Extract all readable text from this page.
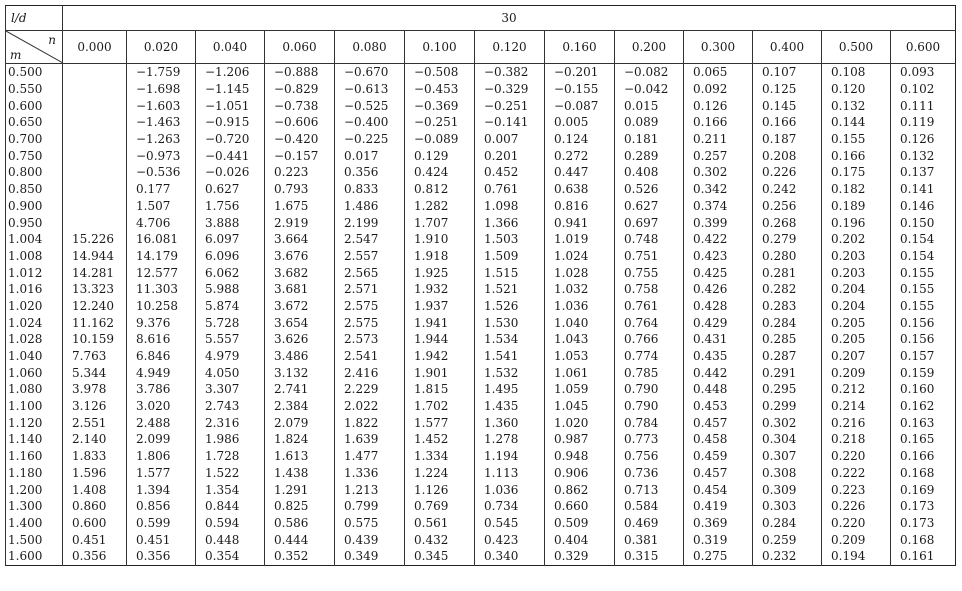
l/d	30												

n
m	0.000	0.020	0.040	0.060	0.080	0.100	0.120	0.160	0.200	0.300	0.400	0.500	0.600
0.500		−1.759	−1.206	−0.888	−0.670	−0.508	−0.382	−0.201	−0.082	0.065	0.107	0.108	0.093
0.550		−1.698	−1.145	−0.829	−0.613	−0.453	−0.329	−0.155	−0.042	0.092	0.125	0.120	0.102
0.600		−1.603	−1.051	−0.738	−0.525	−0.369	−0.251	−0.087	0.015	0.126	0.145	0.132	0.111
0.650		−1.463	−0.915	−0.606	−0.400	−0.251	−0.141	0.005	0.089	0.166	0.166	0.144	0.119
0.700		−1.263	−0.720	−0.420	−0.225	−0.089	0.007	0.124	0.181	0.211	0.187	0.155	0.126
0.750		−0.973	−0.441	−0.157	0.017	0.129	0.201	0.272	0.289	0.257	0.208	0.166	0.132
0.800		−0.536	−0.026	0.223	0.356	0.424	0.452	0.447	0.408	0.302	0.226	0.175	0.137
0.850		0.177	0.627	0.793	0.833	0.812	0.761	0.638	0.526	0.342	0.242	0.182	0.141
0.900		1.507	1.756	1.675	1.486	1.282	1.098	0.816	0.627	0.374	0.256	0.189	0.146
0.950		4.706	3.888	2.919	2.199	1.707	1.366	0.941	0.697	0.399	0.268	0.196	0.150
1.004	15.226	16.081	6.097	3.664	2.547	1.910	1.503	1.019	0.748	0.422	0.279	0.202	0.154
1.008	14.944	14.179	6.096	3.676	2.557	1.918	1.509	1.024	0.751	0.423	0.280	0.203	0.154
1.012	14.281	12.577	6.062	3.682	2.565	1.925	1.515	1.028	0.755	0.425	0.281	0.203	0.155
1.016	13.323	11.303	5.988	3.681	2.571	1.932	1.521	1.032	0.758	0.426	0.282	0.204	0.155
1.020	12.240	10.258	5.874	3.672	2.575	1.937	1.526	1.036	0.761	0.428	0.283	0.204	0.155
1.024	11.162	9.376	5.728	3.654	2.575	1.941	1.530	1.040	0.764	0.429	0.284	0.205	0.156
1.028	10.159	8.616	5.557	3.626	2.573	1.944	1.534	1.043	0.766	0.431	0.285	0.205	0.156
1.040	7.763	6.846	4.979	3.486	2.541	1.942	1.541	1.053	0.774	0.435	0.287	0.207	0.157
1.060	5.344	4.949	4.050	3.132	2.416	1.901	1.532	1.061	0.785	0.442	0.291	0.209	0.159
1.080	3.978	3.786	3.307	2.741	2.229	1.815	1.495	1.059	0.790	0.448	0.295	0.212	0.160
1.100	3.126	3.020	2.743	2.384	2.022	1.702	1.435	1.045	0.790	0.453	0.299	0.214	0.162
1.120	2.551	2.488	2.316	2.079	1.822	1.577	1.360	1.020	0.784	0.457	0.302	0.216	0.163
1.140	2.140	2.099	1.986	1.824	1.639	1.452	1.278	0.987	0.773	0.458	0.304	0.218	0.165
1.160	1.833	1.806	1.728	1.613	1.477	1.334	1.194	0.948	0.756	0.459	0.307	0.220	0.166
1.180	1.596	1.577	1.522	1.438	1.336	1.224	1.113	0.906	0.736	0.457	0.308	0.222	0.168
1.200	1.408	1.394	1.354	1.291	1.213	1.126	1.036	0.862	0.713	0.454	0.309	0.223	0.169
1.300	0.860	0.856	0.844	0.825	0.799	0.769	0.734	0.660	0.584	0.419	0.303	0.226	0.173
1.400	0.600	0.599	0.594	0.586	0.575	0.561	0.545	0.509	0.469	0.369	0.284	0.220	0.173
1.500	0.451	0.451	0.448	0.444	0.439	0.432	0.423	0.404	0.381	0.319	0.259	0.209	0.168
1.600	0.356	0.356	0.354	0.352	0.349	0.345	0.340	0.329	0.315	0.275	0.232	0.194	0.161
